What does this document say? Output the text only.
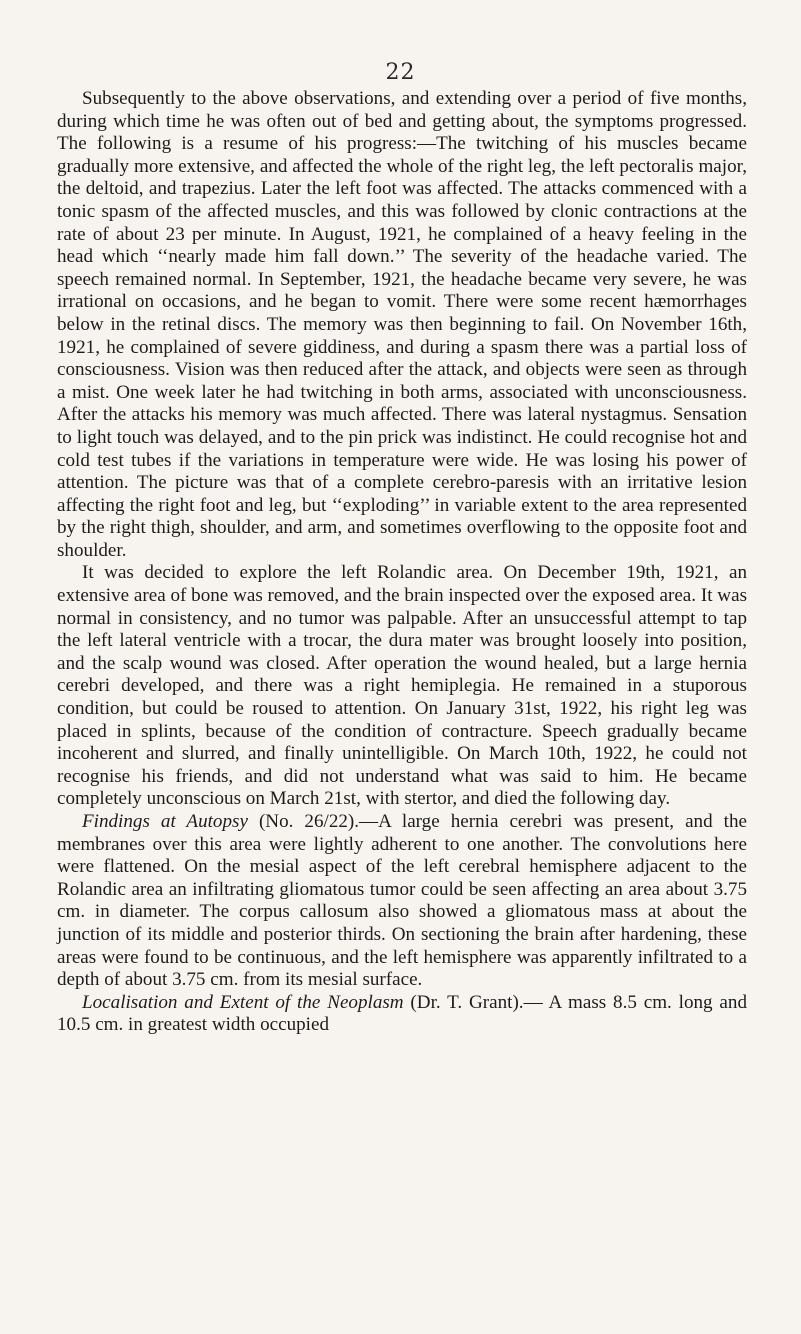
22

Subsequently to the above observations, and extending over a period of five months, during which time he was often out of bed and getting about, the symptoms progressed. The following is a resume of his progress:—The twitching of his muscles became gradually more extensive, and affected the whole of the right leg, the left pectoralis major, the deltoid, and trapezius. Later the left foot was affected. The attacks commenced with a tonic spasm of the affected muscles, and this was followed by clonic contractions at the rate of about 23 per minute. In August, 1921, he complained of a heavy feeling in the head which ‘‘nearly made him fall down.’’ The severity of the headache varied. The speech remained normal. In September, 1921, the headache became very severe, he was irrational on occasions, and he began to vomit. There were some recent hæmorrhages below in the retinal discs. The memory was then beginning to fail. On November 16th, 1921, he complained of severe giddiness, and during a spasm there was a partial loss of consciousness. Vision was then reduced after the attack, and objects were seen as through a mist. One week later he had twitching in both arms, associated with unconsciousness. After the attacks his memory was much affected. There was lateral nystagmus. Sensation to light touch was delayed, and to the pin prick was indistinct. He could recognise hot and cold test tubes if the variations in temperature were wide. He was losing his power of attention. The picture was that of a complete cerebro-paresis with an irritative lesion affecting the right foot and leg, but ‘‘exploding’’ in variable extent to the area represented by the right thigh, shoulder, and arm, and sometimes overflowing to the opposite foot and shoulder.

It was decided to explore the left Rolandic area. On December 19th, 1921, an extensive area of bone was removed, and the brain inspected over the exposed area. It was normal in consistency, and no tumor was palpable. After an unsuccessful attempt to tap the left lateral ventricle with a trocar, the dura mater was brought loosely into position, and the scalp wound was closed. After operation the wound healed, but a large hernia cerebri developed, and there was a right hemiplegia. He remained in a stuporous condition, but could be roused to attention. On January 31st, 1922, his right leg was placed in splints, because of the condition of contracture. Speech gradually became incoherent and slurred, and finally unintelligible. On March 10th, 1922, he could not recognise his friends, and did not understand what was said to him. He became completely unconscious on March 21st, with stertor, and died the following day.

Findings at Autopsy (No. 26/22).—A large hernia cerebri was present, and the membranes over this area were lightly adherent to one another. The convolutions here were flattened. On the mesial aspect of the left cerebral hemisphere adjacent to the Rolandic area an infiltrating gliomatous tumor could be seen affecting an area about 3.75 cm. in diameter. The corpus callosum also showed a gliomatous mass at about the junction of its middle and posterior thirds. On sectioning the brain after hardening, these areas were found to be continuous, and the left hemisphere was apparently infiltrated to a depth of about 3.75 cm. from its mesial surface.

Localisation and Extent of the Neoplasm (Dr. T. Grant).— A mass 8.5 cm. long and 10.5 cm. in greatest width occupied
